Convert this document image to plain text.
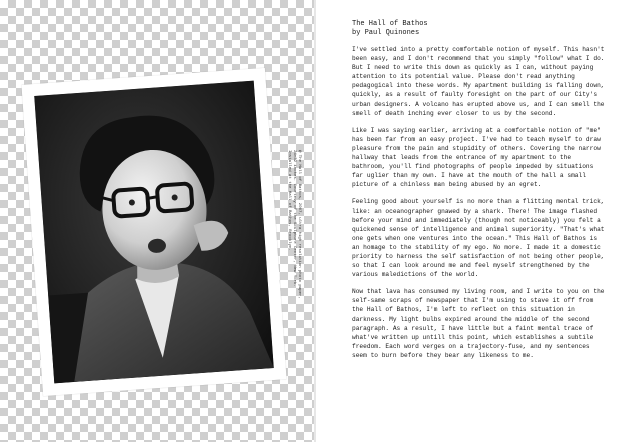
@ The Hall of Bathos, 2007, ultra high resolution photo paper, 24×32 inches. Courtesy of the Sculpture Center, New York. Installed at the Hall of Bathos, Brooklyn.

The Hall of Bathos

by Paul Quinones

I've settled into a pretty comfortable notion of myself. This hasn't been easy, and I don't recommend that you simply "follow" what I do. But I need to write this down as quickly as I can, without paying attention to its potential value. Please don't read anything pedagogical into these words. My apartment building is falling down, quickly, as a result of faulty foresight on the part of our City's urban designers. A volcano has erupted above us, and I can smell the smell of death inching ever closer to us by the second.

Like I was saying earlier, arriving at a comfortable notion of "me" has been far from an easy project. I've had to teach myself to draw pleasure from the pain and stupidity of others. Covering the narrow hallway that leads from the entrance of my apartment to the bathroom, you'll find photographs of people impeded by situations far uglier than my own. I have at the mouth of the hall a small picture of a chinless man being abused by an egret.

Feeling good about yourself is no more than a flitting mental trick, like: an oceanographer gnawed by a shark. There! The image flashed before your mind and immediately (though not noticeably) you felt a quickened sense of intelligence and animal superiority. "That's what one gets when one ventures into the ocean." This Hall of Bathos is an homage to the stability of my ego. No more. I made it a domestic priority to harness the self satisfaction of not being other people, so that I can look around me and feel myself strengthened by the various maledictions of the world.

Now that lava has consumed my living room, and I write to you on the self-same scraps of newspaper that I'm using to stave it off from the Hall of Bathos, I'm left to reflect on this situation in darkness. My light bulbs expired around the middle of the second paragraph. As a result, I have little but a faint mental trace of what've written up untill this point, which establishes a subtile freedom. Each word verges on a trajectory-fuse, and my sentences seem to burn before they bear any likeness to me.
